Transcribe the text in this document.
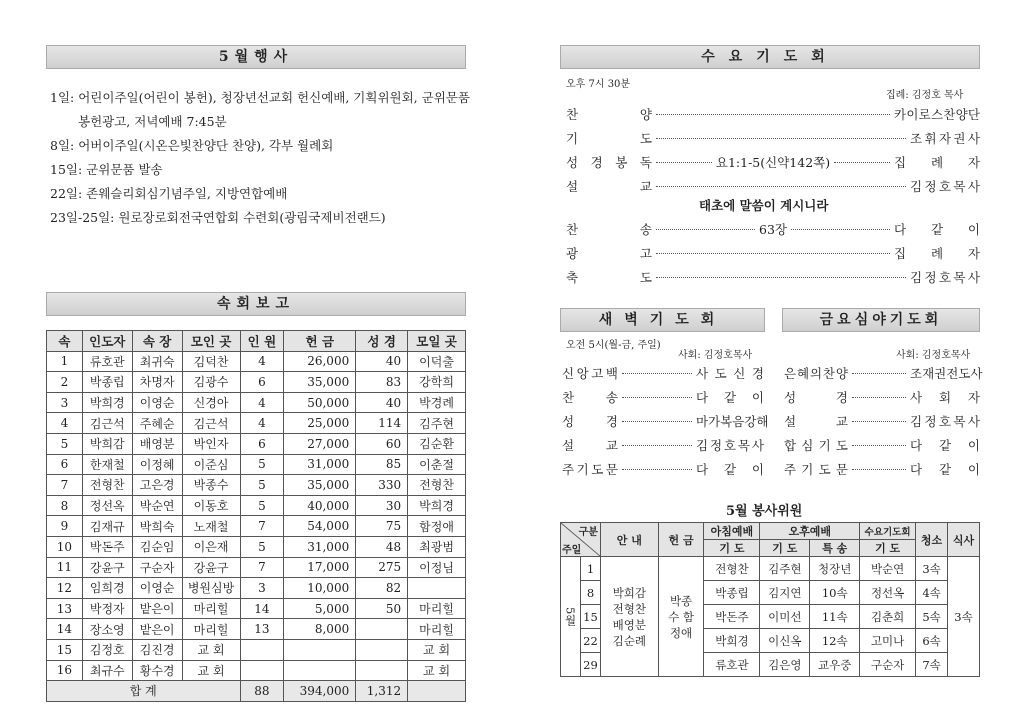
5월행사
1일: 어린이주일(어린이 봉헌), 청장년선교회 헌신예배, 기획위원회, 군위문품
봉헌광고, 저녁예배 7:45분
8일: 어버이주일(시온은빛찬양단 찬양), 각부 월례회
15일: 군위문품 발송
22일: 존웨슬리회심기념주일, 지방연합예배
23일-25일: 원로장로회전국연합회 수련회(광림국제비전랜드)
속회보고
속	인도자	속 장	모인 곳	인 원	헌 금	성 경	모일 곳
1	류호관	최귀숙	김덕찬	4	26,000	40	이덕출
2	박종립	차명자	김광수	6	35,000	83	강학희
3	박희경	이영순	신경아	4	50,000	40	박경례
4	김근석	주혜순	김근석	4	25,000	114	김주현
5	박희감	배영분	박인자	6	27,000	60	김순환
6	한재철	이정혜	이준심	5	31,000	85	이춘절
7	전형찬	고은경	박종수	5	35,000	330	전형찬
8	정선옥	박순연	이동호	5	40,000	30	박희경
9	김재규	박희숙	노재철	7	54,000	75	함정애
10	박돈주	김순임	이은재	5	31,000	48	최광범
11	강윤구	구순자	강윤구	7	17,000	275	이정님
12	임희경	이영순	병원심방	3	10,000	82	
13	박정자	밭은이	마리힐	14	5,000	50	마리힐
14	장소영	밭은이	마리힐	13	8,000		마리힐
15	김정호	김진경	교 회				교 회
16	최규수	황수경	교 회				교 회
합 계				88	394,000	1,312	
수요기도회
오후 7시 30분
집례: 김정호 목사
찬	양	카 이 로 스 찬 양 단
기	도	조 휘 자 권 사
성 경 봉 독	요1:1-5(신약142쪽)	집 례 자
설	교	김 정 호 목 사
태초에 말씀이 계시니라
찬	송	63장	다 같 이
광	고	집 례 자
축	도	김 정 호 목 사
새벽기도회
오전 5시(월-금, 주일)
사회: 김정호목사
신 앙 고 백	사 도 신 경
찬	송	다 같 이
성	경	마 가 복 음 강 해
설	교	김 정 호 목 사
주 기 도 문	다 같 이
금요심야기도회
사회: 김정호목사
은 혜 의 찬 양	조 재 권 전 도 사
성	경	사 회 자
설	교	김 정 호 목 사
합 심 기 도	다 같 이
주 기 도 문	다 같 이
5월 봉사위원
구분
주일		안 내	헌 금	아침예배	오후예배		수요기도회	청소	식사
				기 도	기 도	특 송	기 도		
5월	1	박희감 전형찬 배영분 김순례	박종수 함정애	전형찬	김주현	청장년	박순연	3속	3속
	8			박종립	김지연	10속	정선옥	4속	
	15			박돈주	이미선	11속	김춘희	5속	
	22			박희경	이신옥	12속	고미나	6속	
	29			류호관	김은영	교우중	구순자	7속	
